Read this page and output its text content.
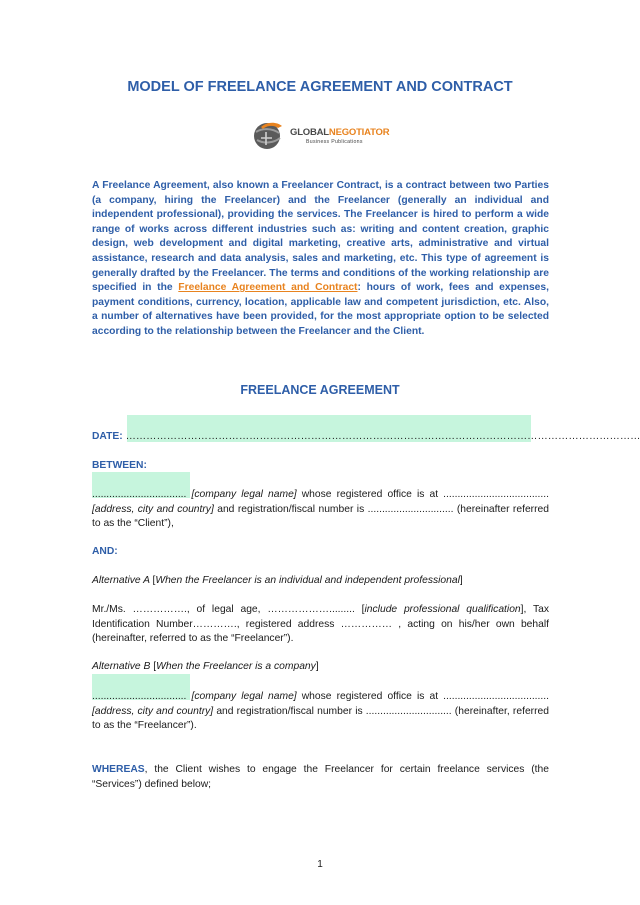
MODEL OF FREELANCE AGREEMENT AND CONTRACT
GLOBALNEGOTIATOR
Business Publications
A Freelance Agreement, also known a Freelancer Contract, is a contract between two Parties (a company, hiring the Freelancer) and the Freelancer (generally an individual and independent professional), providing the services. The Freelancer is hired to perform a wide range of works across different industries such as: writing and content creation, graphic design, web development and digital marketing, creative arts, administrative and virtual assistance, research and data analysis, sales and marketing, etc. This type of agreement is generally drafted by the Freelancer. The terms and conditions of the working relationship are specified in the Freelance Agreement and Contract: hours of work, fees and expenses, payment conditions, currency, location, applicable law and competent jurisdiction, etc. Also, a number of alternatives have been provided, for the most appropriate option to be selected according to the relationship between the Freelancer and the Client.
FREELANCE AGREEMENT
DATE: ……………………………………………………………………………………………………………………………………
BETWEEN:
................................. [company legal name] whose registered office is at ..................................... [address, city and country] and registration/fiscal number is .............................. (hereinafter referred to as the “Client”),
AND:
Alternative A [When the Freelancer is an individual and independent professional]
Mr./Ms. ……………., of legal age, ………………......... [include professional qualification], Tax Identification Number…………., registered address …………… , acting on his/her own behalf (hereinafter, referred to as the “Freelancer”).
Alternative B [When the Freelancer is a company]
................................. [company legal name] whose registered office is at ..................................... [address, city and country] and registration/fiscal number is .............................. (hereinafter, referred to as the “Freelancer”).
WHEREAS, the Client wishes to engage the Freelancer for certain freelance services (the “Services”) defined below;
1
